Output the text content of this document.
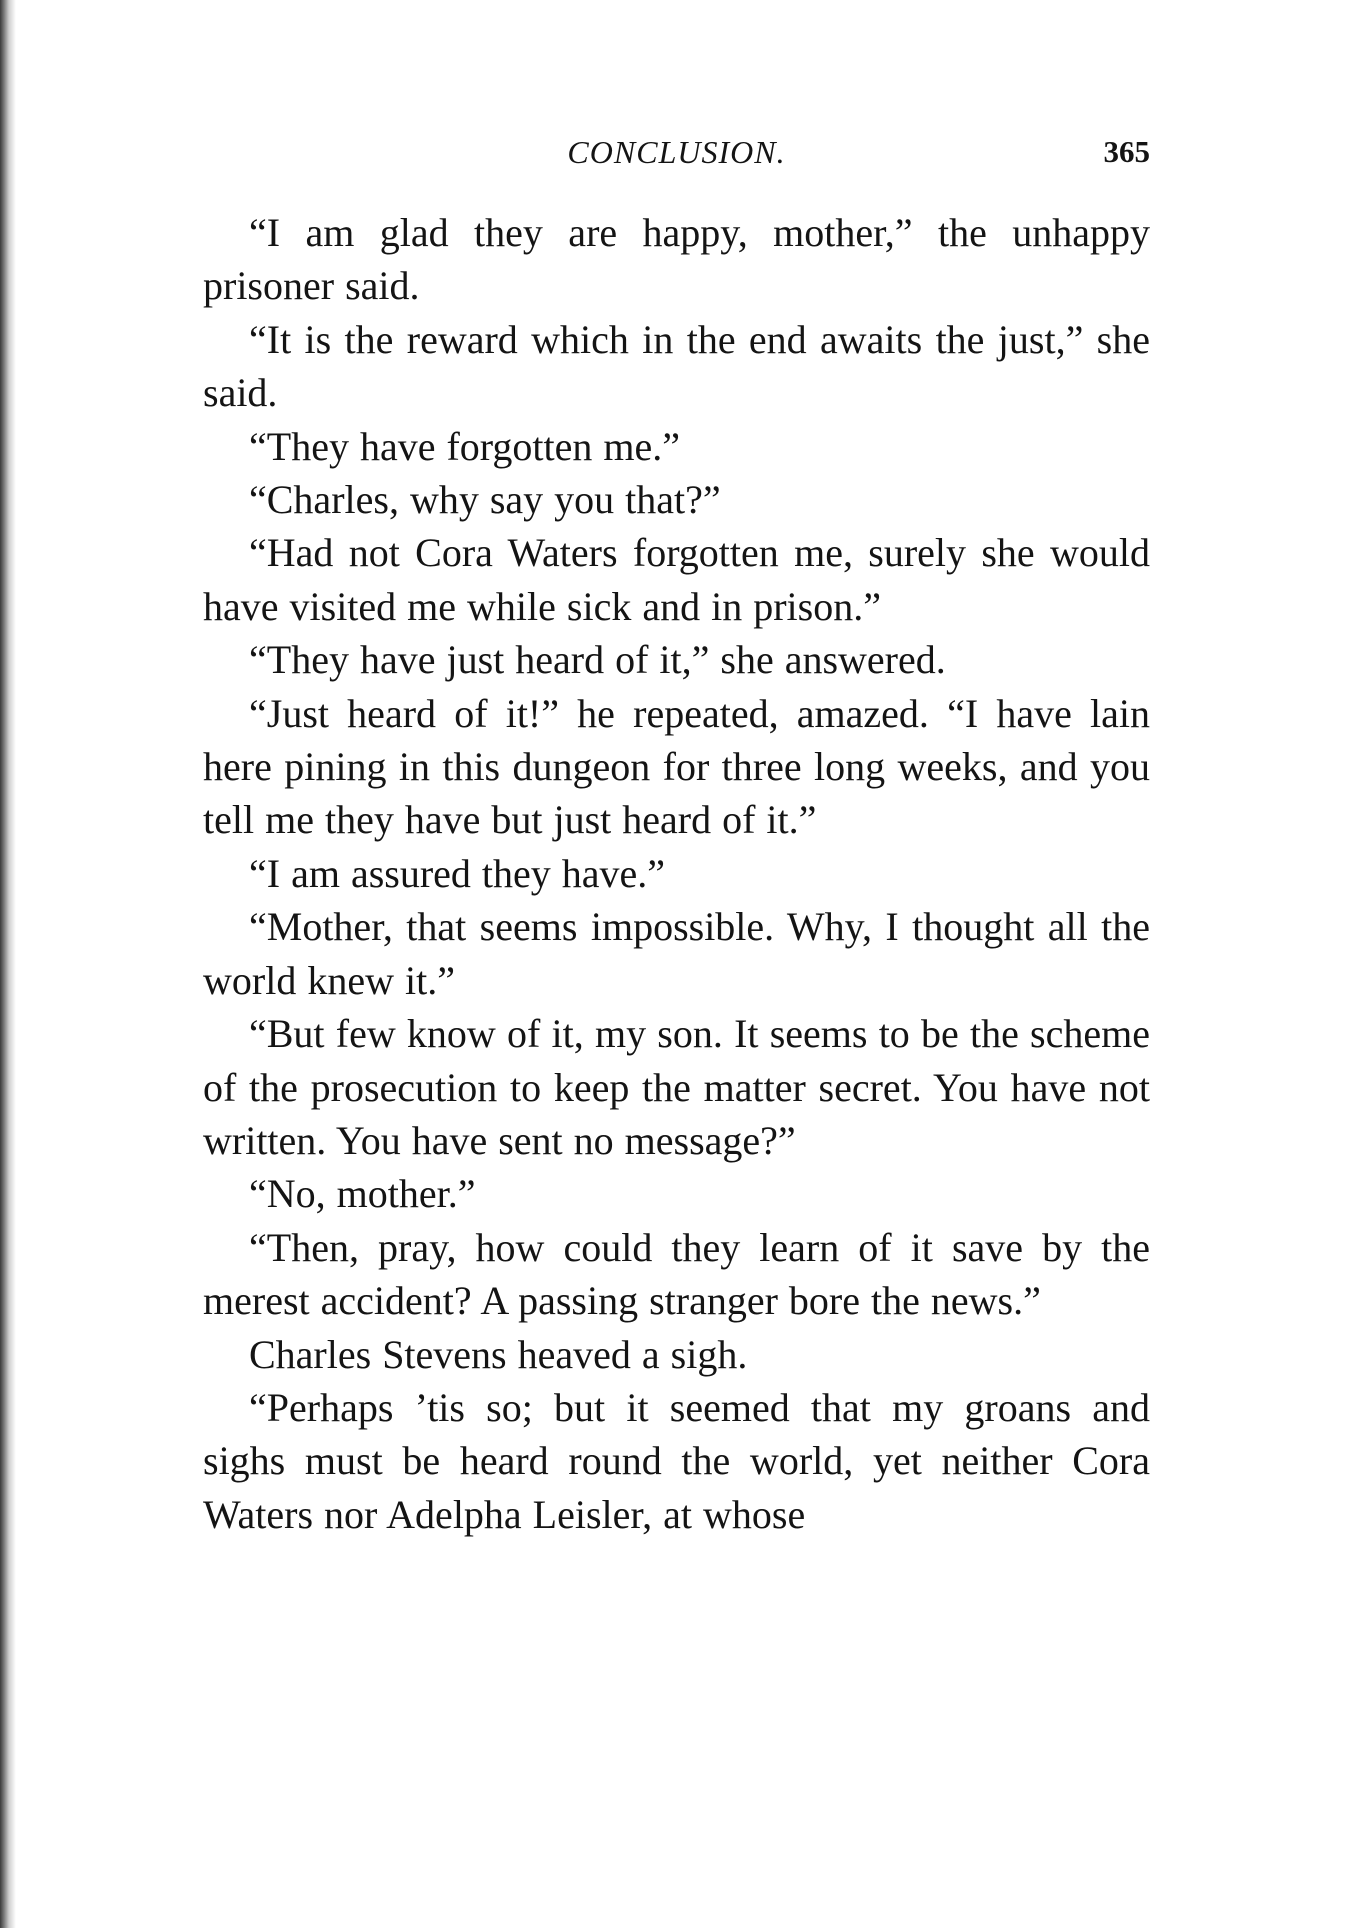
CONCLUSION.	365

“I am glad they are happy, mother,” the unhappy prisoner said.

“It is the reward which in the end awaits the just,” she said.

“They have forgotten me.”

“Charles, why say you that?”

“Had not Cora Waters forgotten me, surely she would have visited me while sick and in prison.”

“They have just heard of it,” she answered.

“Just heard of it!” he repeated, amazed. “I have lain here pining in this dungeon for three long weeks, and you tell me they have but just heard of it.”

“I am assured they have.”

“Mother, that seems impossible. Why, I thought all the world knew it.”

“But few know of it, my son. It seems to be the scheme of the prosecution to keep the matter secret. You have not written. You have sent no message?”

“No, mother.”

“Then, pray, how could they learn of it save by the merest accident? A passing stranger bore the news.”

Charles Stevens heaved a sigh.

“Perhaps ’tis so; but it seemed that my groans and sighs must be heard round the world, yet neither Cora Waters nor Adelpha Leisler, at whose
